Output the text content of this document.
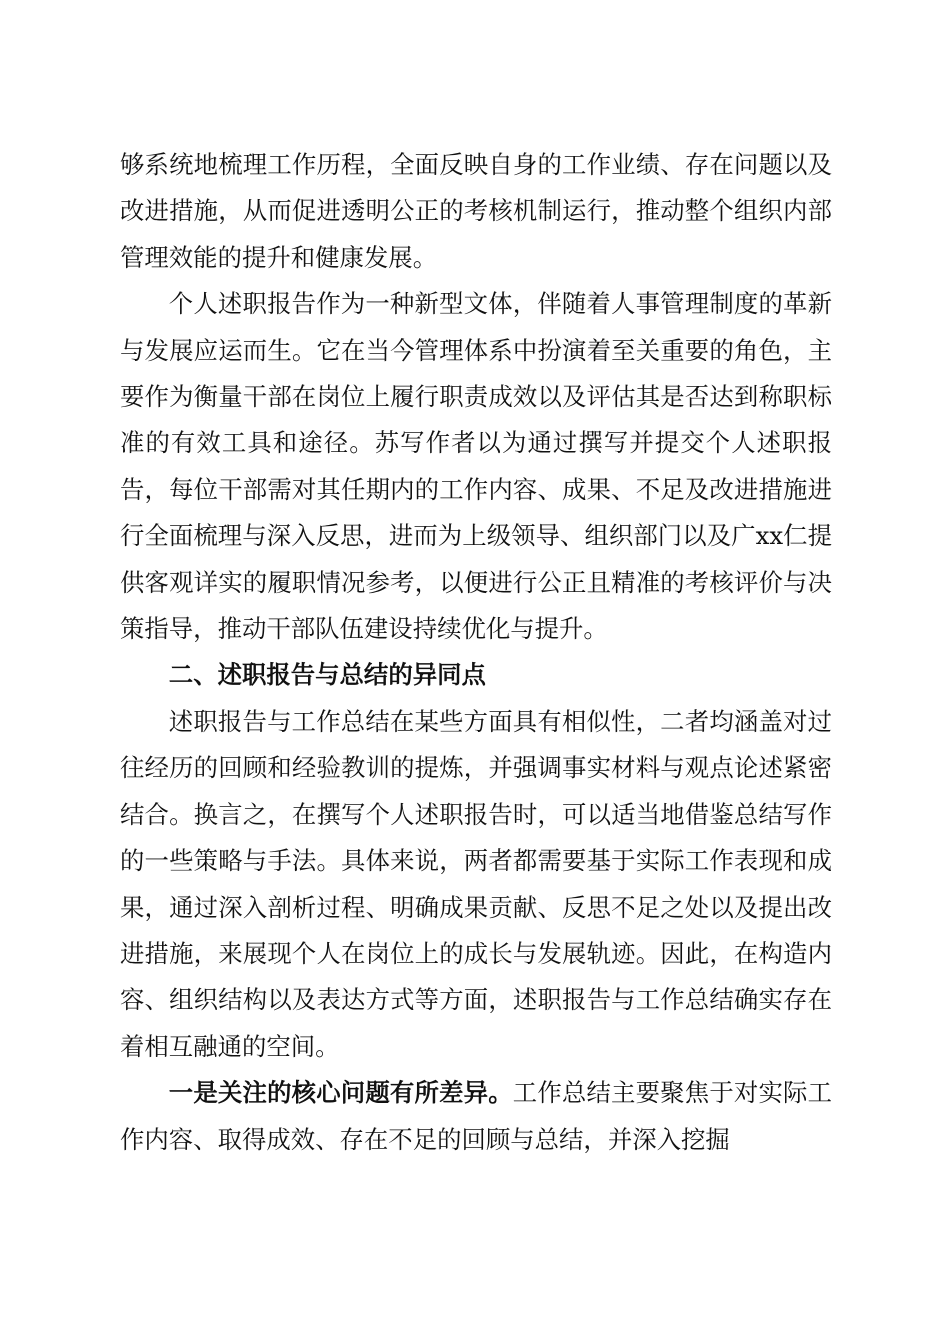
够系统地梳理工作历程，全面反映自身的工作业绩、存在问题以及改进措施，从而促进透明公正的考核机制运行，推动整个组织内部管理效能的提升和健康发展。

个人述职报告作为一种新型文体，伴随着人事管理制度的革新与发展应运而生。它在当今管理体系中扮演着至关重要的角色，主要作为衡量干部在岗位上履行职责成效以及评估其是否达到称职标准的有效工具和途径。苏写作者以为通过撰写并提交个人述职报告，每位干部需对其任期内的工作内容、成果、不足及改进措施进行全面梳理与深入反思，进而为上级领导、组织部门以及广xx仁提供客观详实的履职情况参考，以便进行公正且精准的考核评价与决策指导，推动干部队伍建设持续优化与提升。

二、述职报告与总结的异同点

述职报告与工作总结在某些方面具有相似性，二者均涵盖对过往经历的回顾和经验教训的提炼，并强调事实材料与观点论述紧密结合。换言之，在撰写个人述职报告时，可以适当地借鉴总结写作的一些策略与手法。具体来说，两者都需要基于实际工作表现和成果，通过深入剖析过程、明确成果贡献、反思不足之处以及提出改进措施，来展现个人在岗位上的成长与发展轨迹。因此，在构造内容、组织结构以及表达方式等方面，述职报告与工作总结确实存在着相互融通的空间。

一是关注的核心问题有所差异。工作总结主要聚焦于对实际工作内容、取得成效、存在不足的回顾与总结，并深入挖掘
